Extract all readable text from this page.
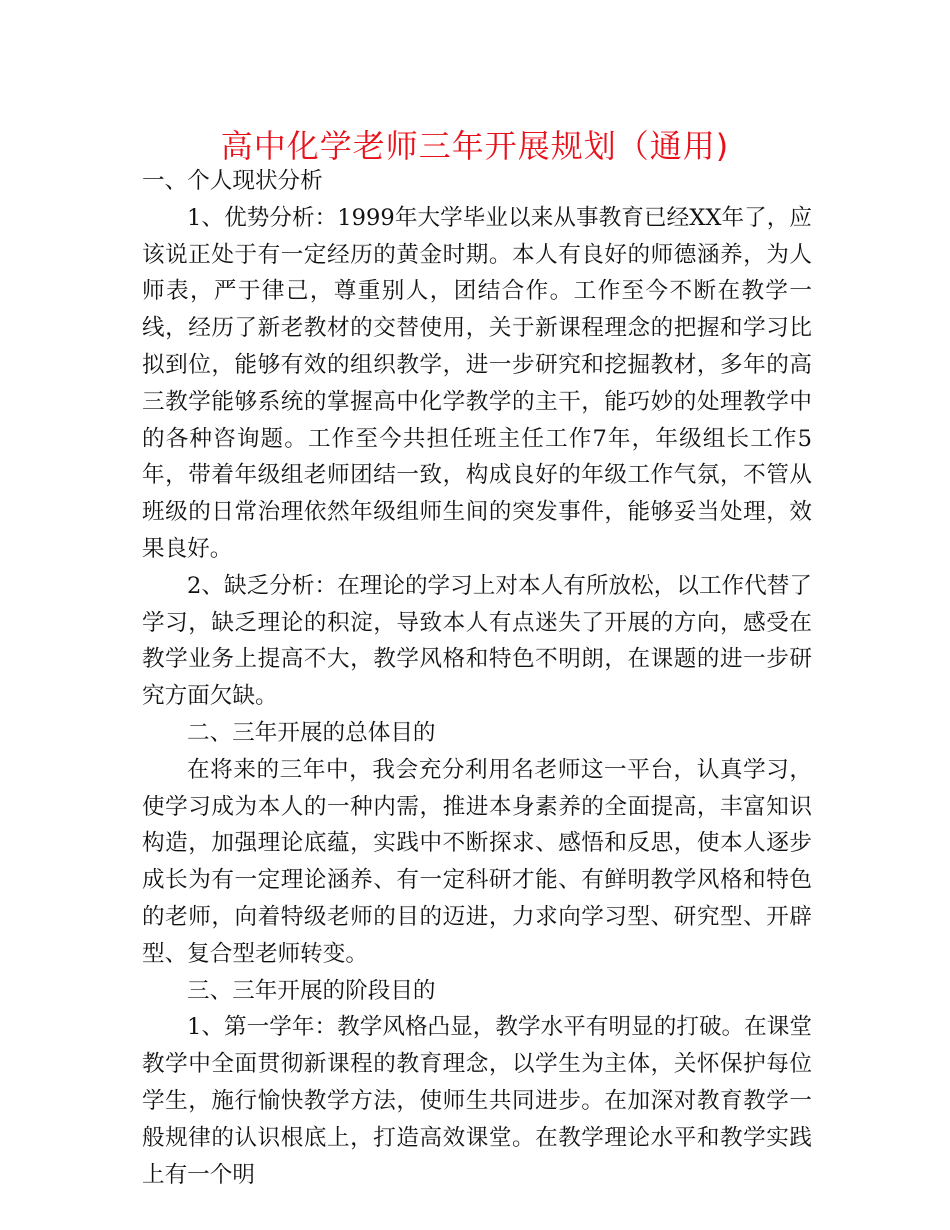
高中化学老师三年开展规划（通用)

一、个人现状分析

1、优势分析：1999年大学毕业以来从事教育已经XX年了，应该说正处于有一定经历的黄金时期。本人有良好的师德涵养，为人师表，严于律己，尊重别人，团结合作。工作至今不断在教学一线，经历了新老教材的交替使用，关于新课程理念的把握和学习比拟到位，能够有效的组织教学，进一步研究和挖掘教材，多年的高三教学能够系统的掌握高中化学教学的主干，能巧妙的处理教学中的各种咨询题。工作至今共担任班主任工作7年，年级组长工作5年，带着年级组老师团结一致，构成良好的年级工作气氛，不管从班级的日常治理依然年级组师生间的突发事件，能够妥当处理，效果良好。

2、缺乏分析：在理论的学习上对本人有所放松，以工作代替了学习，缺乏理论的积淀，导致本人有点迷失了开展的方向，感受在教学业务上提高不大，教学风格和特色不明朗，在课题的进一步研究方面欠缺。

二、三年开展的总体目的

在将来的三年中，我会充分利用名老师这一平台，认真学习，使学习成为本人的一种内需，推进本身素养的全面提高，丰富知识构造，加强理论底蕴，实践中不断探求、感悟和反思，使本人逐步成长为有一定理论涵养、有一定科研才能、有鲜明教学风格和特色的老师，向着特级老师的目的迈进，力求向学习型、研究型、开辟型、复合型老师转变。

三、三年开展的阶段目的

1、第一学年：教学风格凸显，教学水平有明显的打破。在课堂教学中全面贯彻新课程的教育理念，以学生为主体，关怀保护每位学生，施行愉快教学方法，使师生共同进步。在加深对教育教学一般规律的认识根底上，打造高效课堂。在教学理论水平和教学实践上有一个明
